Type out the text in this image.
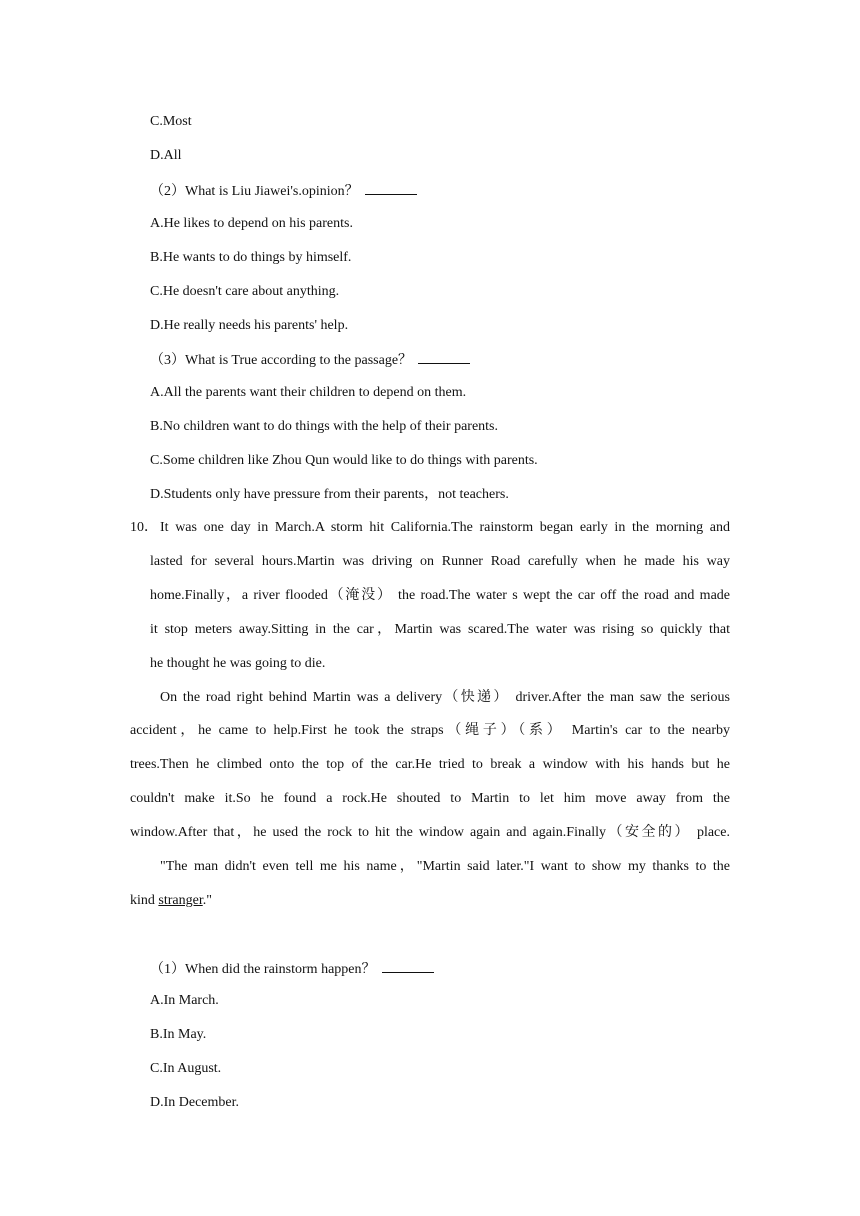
C.Most
D.All
（2）What is Liu Jiawei's.opinion？
A.He likes to depend on his parents.
B.He wants to do things by himself.
C.He doesn't care about anything.
D.He really needs his parents' help.
（3）What is True according to the passage？
A.All the parents want their children to depend on them.
B.No children want to do things with the help of their parents.
C.Some children like Zhou Qun would like to do things with parents.
D.Students only have pressure from their parents，not teachers.
10． It was one day in March.A storm hit California.The rainstorm began early in the morning and
lasted for several hours.Martin was driving on Runner Road carefully when he made his way
home.Finally，a river flooded（淹没） the road.The water s wept the car off the road and made
it stop meters away.Sitting in the car，Martin was scared.The water was rising so quickly that
he thought he was going to die.
On the road right behind Martin was a delivery（快递） driver.After the man saw the serious
accident，he came to help.First he took the straps（绳子）（系） Martin's car to the nearby
trees.Then he climbed onto the top of the car.He tried to break a window with his hands but he
couldn't make it.So he found a rock.He shouted to Martin to let him move away from the
window.After that，he used the rock to hit the window again and again.Finally（安全的） place.
"The man didn't even tell me his name，"Martin said later."I want to show my thanks to the
kind stranger."
（1）When did the rainstorm happen？
A.In March.
B.In May.
C.In August.
D.In December.
